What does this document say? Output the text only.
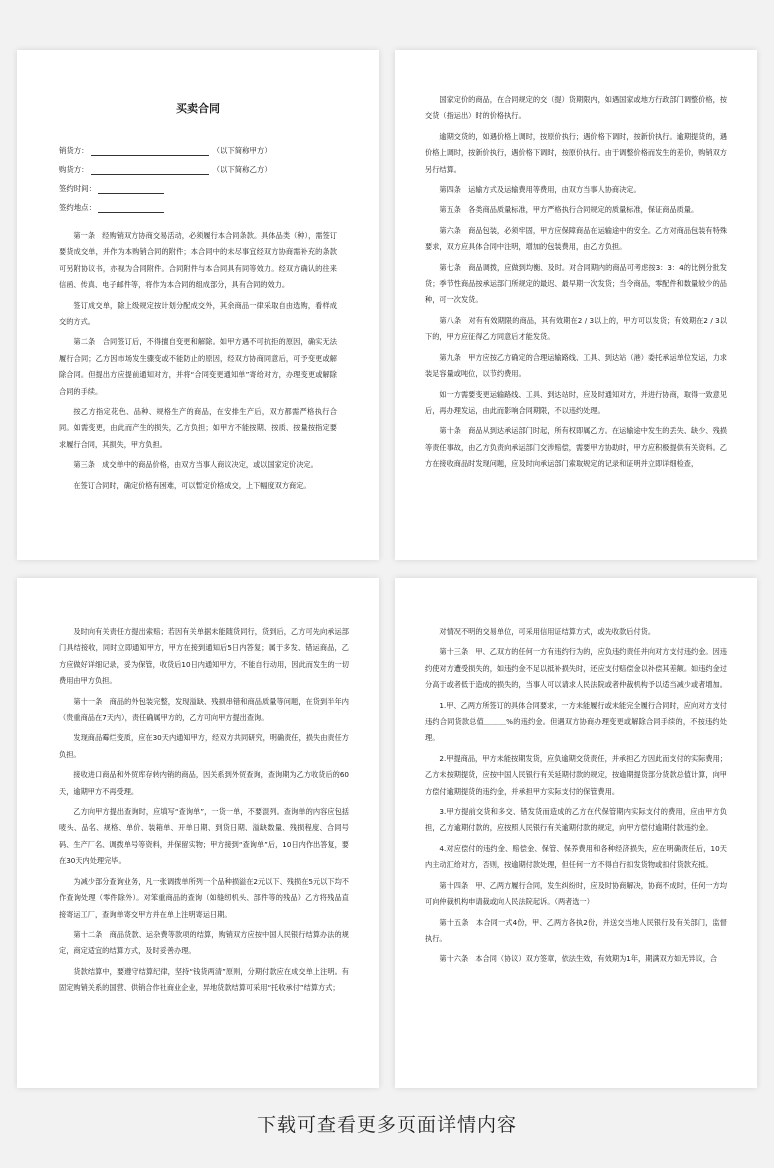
买卖合同
销货方：	（以下简称甲方）
购货方：	（以下简称乙方）
签约时间：
签约地点：

第一条　经购销双方协商交易活动，必须履行本合同条款。具体品类（种），需签订要货成交单，并作为本购销合同的附件；本合同中的未尽事宜经双方协商需补充的条款可另附协议书，亦视为合同附件。合同附件与本合同具有同等效力。经双方确认的往来信函、传真、电子邮件等，将作为本合同的组成部分，具有合同的效力。

签订成交单，除上级规定按计划分配成交外，其余商品一律采取自由选购，看样成交的方式。

第二条　合同签订后，不得擅自变更和解除。如甲方遇不可抗拒的原因，确实无法履行合同；乙方因市场发生骤变或不能防止的原因，经双方协商同意后，可予变更或解除合同。但提出方应提前通知对方，并将“合同变更通知单”寄给对方，办理变更或解除合同的手续。

按乙方指定花色、品种、规格生产的商品，在安排生产后，双方都需严格执行合同。如需变更，由此而产生的损失，乙方负担；如甲方不能按期、按质、按量按指定要求履行合同，其损失，甲方负担。

第三条　成交单中的商品价格，由双方当事人商议决定，或以国家定价决定。

在签订合同时，确定价格有困难，可以暂定价格成交，上下幅度双方商定。

国家定价的商品，在合同规定的交（提）货期限内，如遇国家或地方行政部门调整价格，按交货（指运出）时的价格执行。

逾期交货的，如遇价格上调时，按原价执行；遇价格下调时，按新价执行。逾期提货的，遇价格上调时，按新价执行，遇价格下调时，按原价执行。由于调整价格而发生的差价，购销双方另行结算。

第四条　运输方式及运输费用等费用，由双方当事人协商决定。

第五条　各类商品质量标准，甲方严格执行合同规定的质量标准，保证商品质量。

第六条　商品包装，必须牢固，甲方应保障商品在运输途中的安全。乙方对商品包装有特殊要求，双方应具体合同中注明，增加的包装费用，由乙方负担。

第七条　商品调拨，应做到均衡、及时。对合同期内的商品可考虑按3：3：4的比例分批发货；季节性商品按承运部门所规定的最迟、最早期一次发货；当令商品，零配件和数量较少的品种，可一次发货。

第八条　对有有效期限的商品，其有效期在2 / 3以上的，甲方可以发货；有效期在2 / 3以下的，甲方应征得乙方同意后才能发货。

第九条　甲方应按乙方确定的合理运输路线、工具、到达站（港）委托承运单位发运，力求装足容量或吨位，以节约费用。

如一方需要变更运输路线、工具、到达站时，应及时通知对方，并进行协商，取得一致意见后，再办理发运，由此而影响合同期限，不以违约处理。

第十条　商品从到达承运部门时起，所有权即属乙方。在运输途中发生的丢失、缺少、残损等责任事故，由乙方负责向承运部门交涉赔偿，需要甲方协助时，甲方应积极提供有关资料。乙方在接收商品时发现问题，应及时向承运部门索取规定的记录和证明并立即详细检查，

及时向有关责任方提出索赔；若因有关单据未能随货同行，货到后，乙方可先向承运部门具结接收，同时立即通知甲方，甲方在接到通知后5日内答复；属于多发、错运商品，乙方应做好详细记录，妥为保管，收货后10日内通知甲方，不能自行动用，因此而发生的一切费用由甲方负担。

第十一条　商品的外包装完整，发现溢缺、残损串错和商品质量等问题，在货到半年内（贵重商品在7天内），责任确属甲方的，乙方可向甲方提出查询。

发现商品霉烂变质，应在30天内通知甲方，经双方共同研究，明确责任，损失由责任方负担。

接收进口商品和外贸库存转内销的商品，因关系到外贸查询，查询期为乙方收货后的60天，逾期甲方不再受理。

乙方向甲方提出查询时，应填写“查询单”，一货一单，不要混列。查询单的内容应包括唛头、品名、规格、单价、装箱单、开单日期、到货日期、溢缺数量、残损程度、合同号码、生产厂名、调拨单号等资料，并保留实物；甲方接到“查询单”后，10日内作出答复，要在30天内处理完毕。

为减少部分查询业务，凡一张调拨单所列一个品种损溢在2元以下、残损在5元以下均不作查询处理（零件除外）。对笨重商品的查询（如缝纫机头、部件等的残品）乙方将残品直接寄运工厂，查询单寄交甲方并在单上注明寄运日期。

第十二条　商品货款、运杂费等款项的结算，购销双方应按中国人民银行结算办法的规定，商定适宜的结算方式，及时妥善办理。

货款结算中，要遵守结算纪律，坚持“钱货两清”原则，分期付款应在成交单上注明。有固定购销关系的国营、供销合作社商业企业，异地货款结算可采用“托收承付”结算方式；

对情况不明的交易单位，可采用信用证结算方式，或先收款后付货。

第十三条　甲、乙双方的任何一方有违约行为的，应负违约责任并向对方支付违约金。因违约使对方遭受损失的，如违约金不足以抵补损失时，还应支付赔偿金以补偿其差额。如违约金过分高于或者低于造成的损失的，当事人可以请求人民法院或者仲裁机构予以适当减少或者增加。

1.甲、乙两方所签订的具体合同要求，一方未能履行或未能完全履行合同时，应向对方支付违约合同货款总值＿＿＿%的违约金。但遇双方协商办理变更或解除合同手续的，不按违约处理。

2.甲提商品，甲方未能按期发货，应负逾期交货责任，并承担乙方因此而支付的实际费用；乙方未按期提货，应按中国人民银行有关延期付款的规定，按逾期提货部分货款总值计算，向甲方偿付逾期提货的违约金，并承担甲方实际支付的保管费用。

3.甲方提前交货和多交、错发货而造成的乙方在代保管期内实际支付的费用，应由甲方负担，乙方逾期付款的，应按照人民银行有关逾期付款的规定，向甲方偿付逾期付款违约金。

4.对应偿付的违约金、赔偿金、保管、保养费用和各种经济损失，应在明确责任后，10天内主动汇给对方，否则，按逾期付款处理，但任何一方不得自行扣发货物或扣付货款充抵。

第十四条　甲、乙两方履行合同，发生纠纷时，应及时协商解决，协商不成时，任何一方均可向仲裁机构申请裁或向人民法院起诉。（两者选一）

第十五条　本合同一式4份，甲、乙两方各执2份，并送交当地人民银行及有关部门，监督执行。

第十六条　本合同（协议）双方签章，依法生效，有效期为1年，期满双方如无异议，合

下载可查看更多页面详情内容
